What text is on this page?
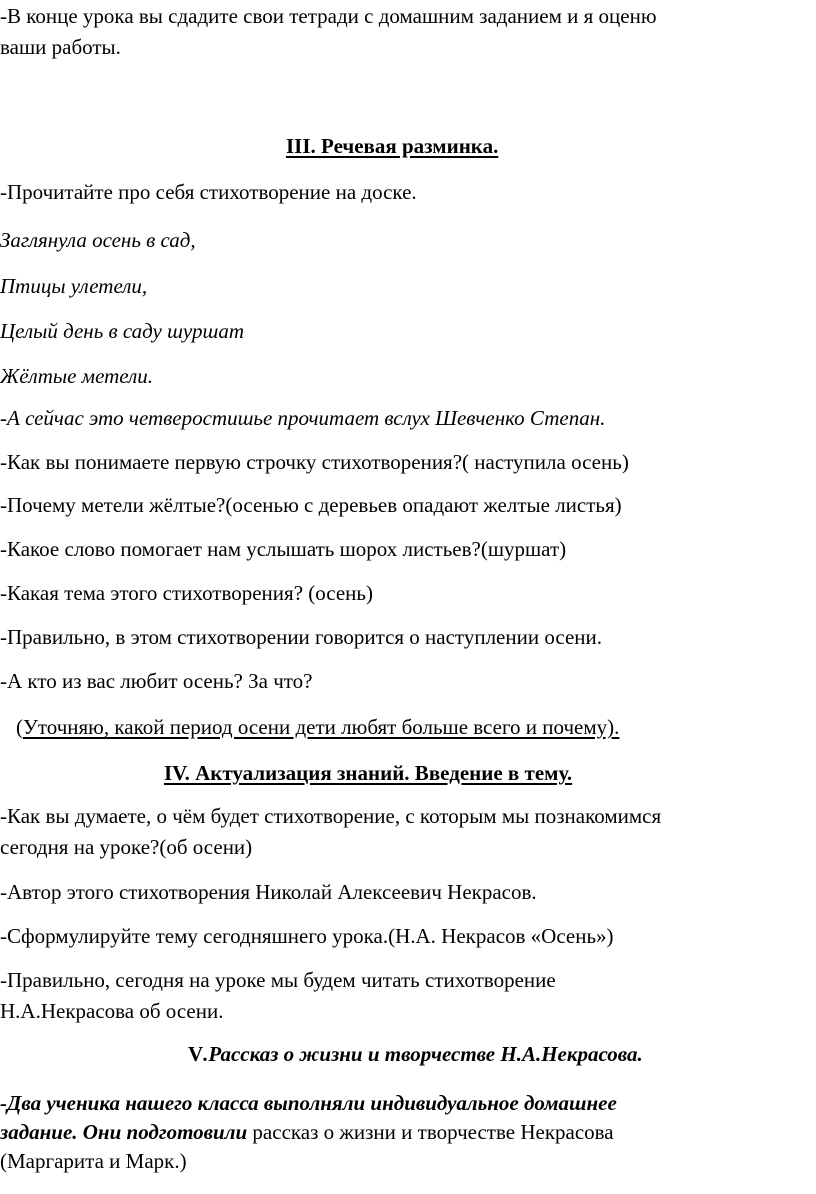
-В конце урока вы сдадите свои тетради с домашним заданием и я оценю

ваши работы.

III. Речевая разминка.

-Прочитайте про себя стихотворение на доске.

Заглянула осень в сад,

Птицы улетели,

Целый день в саду шуршат

Жёлтые метели.

-А сейчас это четверостишье прочитает вслух Шевченко Степан.

-Как вы понимаете первую строчку стихотворения?( наступила осень)

-Почему метели жёлтые?(осенью с деревьев опадают желтые листья)

-Какое слово помогает нам услышать шорох листьев?(шуршат)

-Какая тема этого стихотворения? (осень)

-Правильно, в этом стихотворении говорится о наступлении осени.

-А кто из вас любит осень? За что?

(Уточняю, какой период осени дети любят больше всего и почему).

IV. Актуализация знаний. Введение в тему.

-Как вы думаете, о чём будет стихотворение, с которым мы познакомимся

сегодня на уроке?(об осени)

-Автор этого стихотворения Николай Алексеевич Некрасов.

-Сформулируйте тему сегодняшнего урока.(Н.А. Некрасов «Осень»)

-Правильно, сегодня на уроке мы будем читать стихотворение

Н.А.Некрасова об осени.

V.Рассказ о жизни и творчестве Н.А.Некрасова.

-Два ученика нашего класса выполняли индивидуальное домашнее

задание. Они подготовили рассказ о жизни и творчестве Некрасова

(Маргарита и Марк.)
